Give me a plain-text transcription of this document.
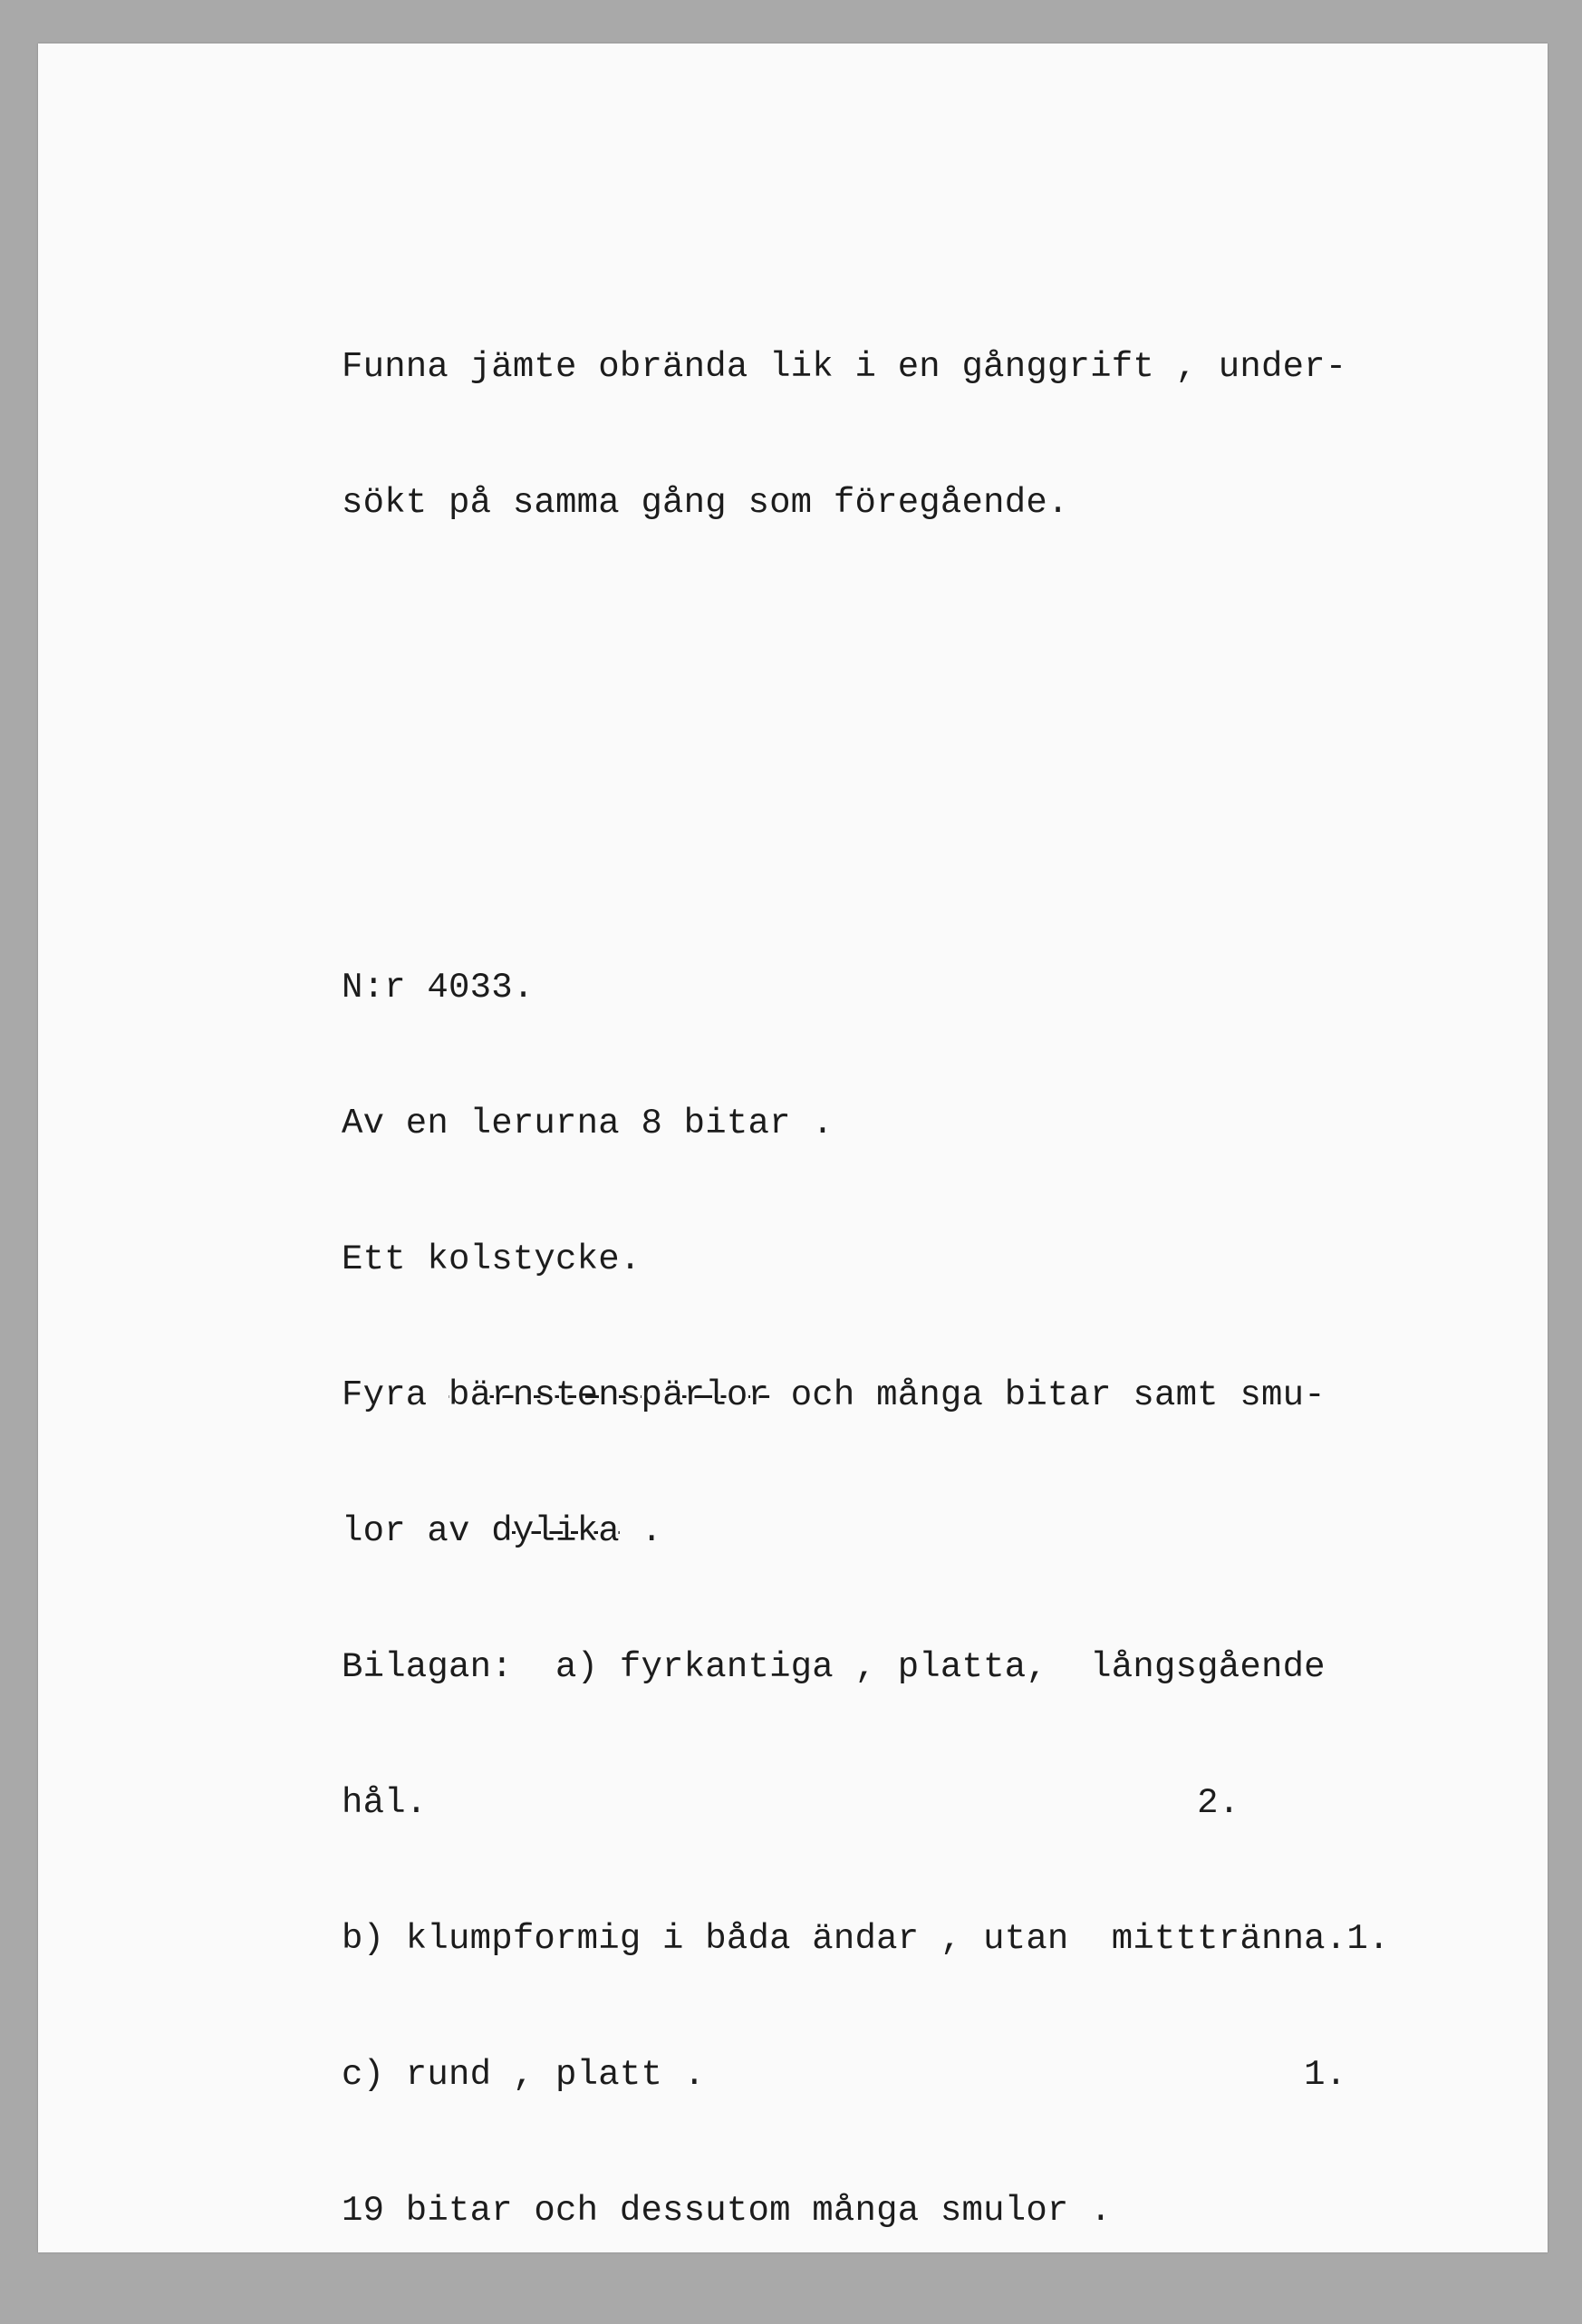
Funna jämte obrända lik i en gånggrift , under-

sökt på samma gång som föregående.

N:r 4033.

Av en lerurna 8 bitar .

Ett kolstycke.

Fyra bärnstenspärlor och många bitar samt smu-

lor av dylika .

Bilagan:  a) fyrkantiga , platta,  långsgående

hål.                                    2.

b) klumpformig i båda ändar , utan  mitttränna.1.

c) rund , platt .                            1.

19 bitar och dessutom många smulor .
